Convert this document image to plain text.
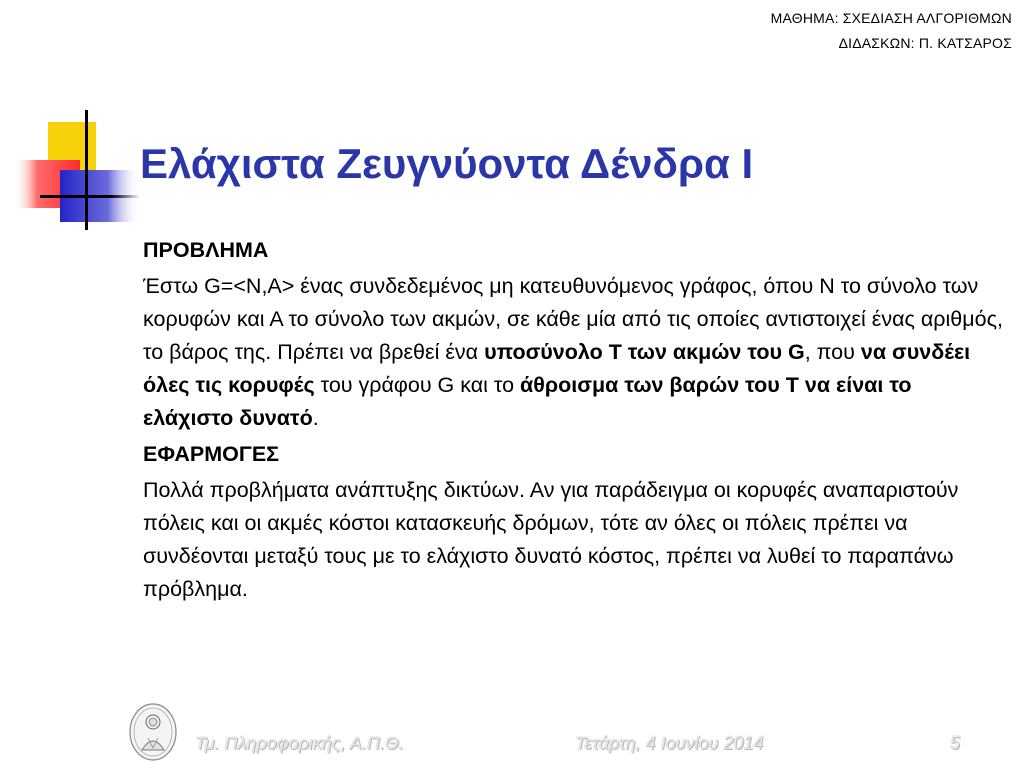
ΜΑΘΗΜΑ: ΣΧΕΔΙΑΣΗ ΑΛΓΟΡΙΘΜΩΝ
ΔΙΔΑΣΚΩΝ: Π. ΚΑΤΣΑΡΟΣ
Ελάχιστα Ζευγνύοντα Δένδρα Ι

ΠΡΟΒΛΗΜΑ

Έστω G=<N,A> ένας συνδεδεμένος μη κατευθυνόμενος γράφος, όπου Ν το σύνολο των κορυφών και Α το σύνολο των ακμών, σε κάθε μία από τις οποίες αντιστοιχεί ένας αριθμός, το βάρος της. Πρέπει να βρεθεί ένα υποσύνολο Τ των ακμών του G, που να συνδέει όλες τις κορυφές του γράφου G και το άθροισμα των βαρών του Τ να είναι το ελάχιστο δυνατό.

ΕΦΑΡΜΟΓΕΣ

Πολλά προβλήματα ανάπτυξης δικτύων. Αν για παράδειγμα οι κορυφές αναπαριστούν πόλεις και οι ακμές κόστοι κατασκευής δρόμων, τότε αν όλες οι πόλεις πρέπει να συνδέονται μεταξύ τους με το ελάχιστο δυνατό κόστος, πρέπει να λυθεί το παραπάνω πρόβλημα.

Τμ. Πληροφορικής, Α.Π.Θ.	Τετάρτη, 4 Ιουνίου 2014	5
